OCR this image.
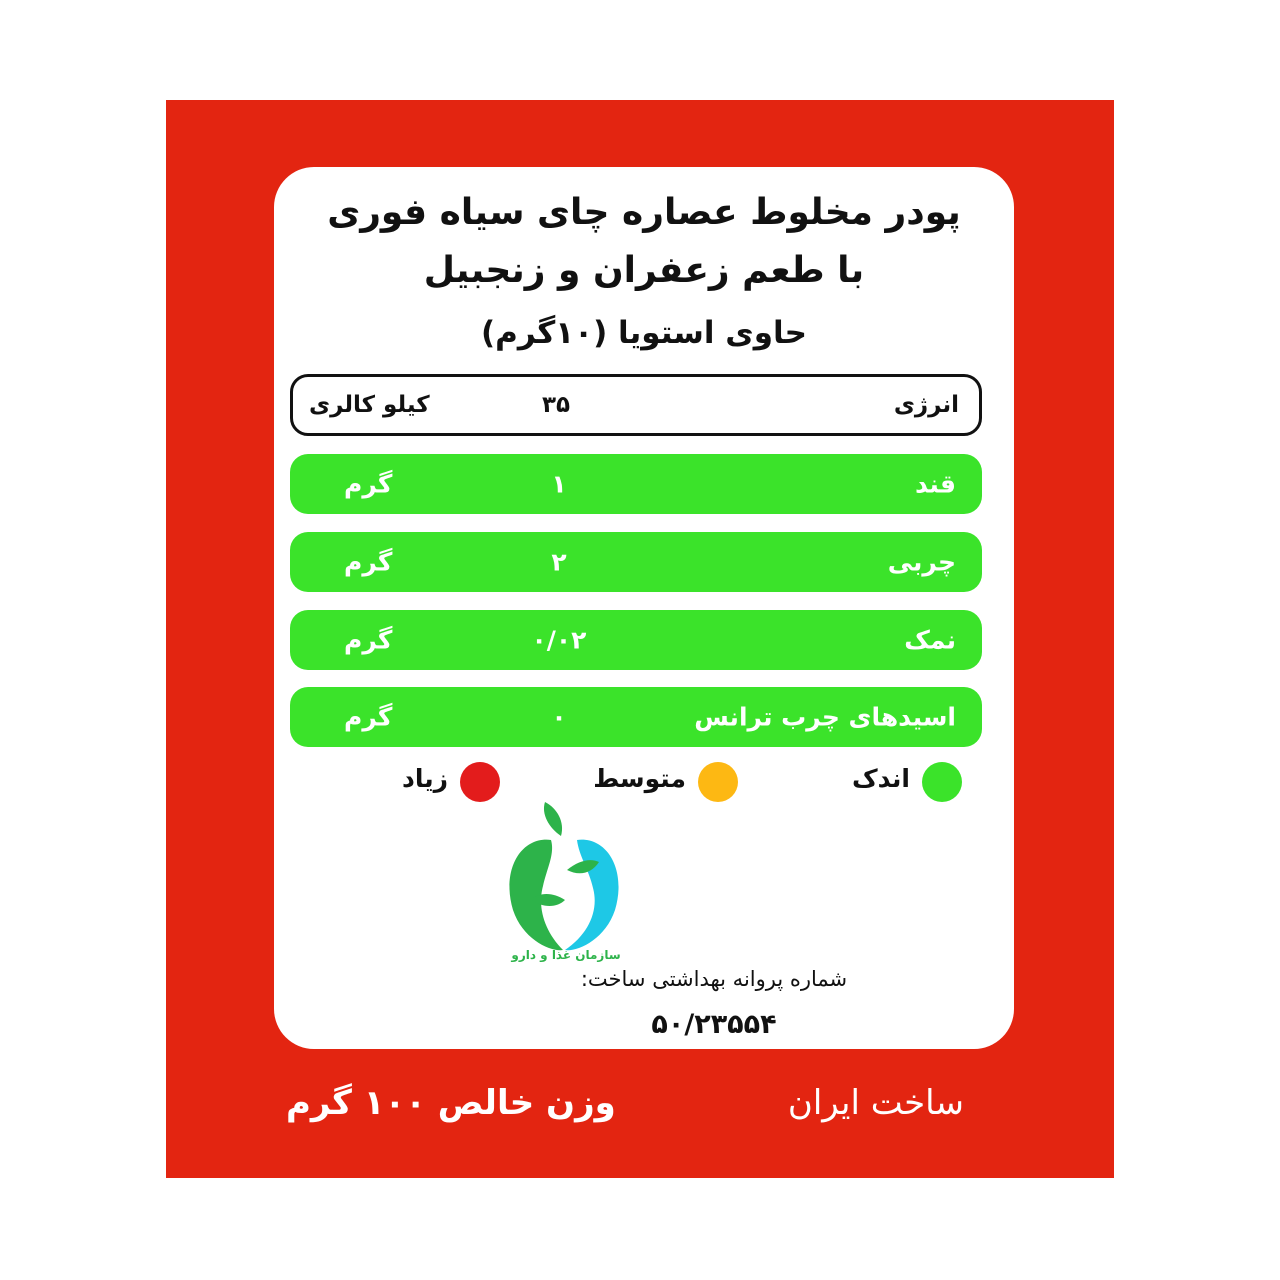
پودر مخلوط عصاره چای سیاه فوری
با طعم زعفران و زنجبیل
حاوی استویا (۱۰گرم)
انرژی
۳۵
کیلو کالری
قند
۱
گرم
چربی
۲
گرم
نمک
۰/۰۲
گرم
اسیدهای چرب ترانس
۰
گرم
اندک
متوسط
زیاد
سازمان غذا و دارو
شماره پروانه بهداشتی ساخت:
۵۰/۲۳۵۵۴
ساخت ایران
وزن خالص ۱۰۰ گرم
